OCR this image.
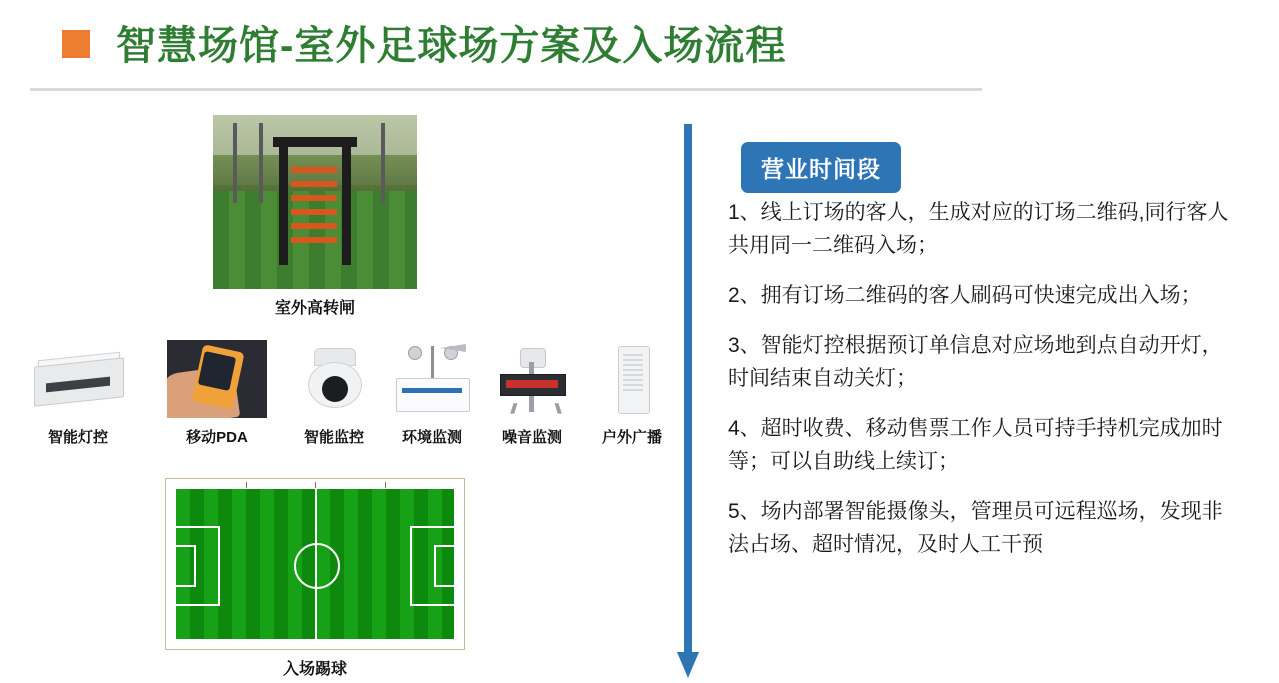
智慧场馆-室外足球场方案及入场流程
室外高转闸
智能灯控	移动PDA	智能监控	环境监测	噪音监测	户外广播
入场踢球
营业时间段
1、线上订场的客人，生成对应的订场二维码,同行客人共用同一二维码入场；
2、拥有订场二维码的客人刷码可快速完成出入场；
3、智能灯控根据预订单信息对应场地到点自动开灯，时间结束自动关灯；
4、超时收费、移动售票工作人员可持手持机完成加时等；可以自助线上续订；
5、场内部署智能摄像头，管理员可远程巡场，发现非法占场、超时情况，及时人工干预
